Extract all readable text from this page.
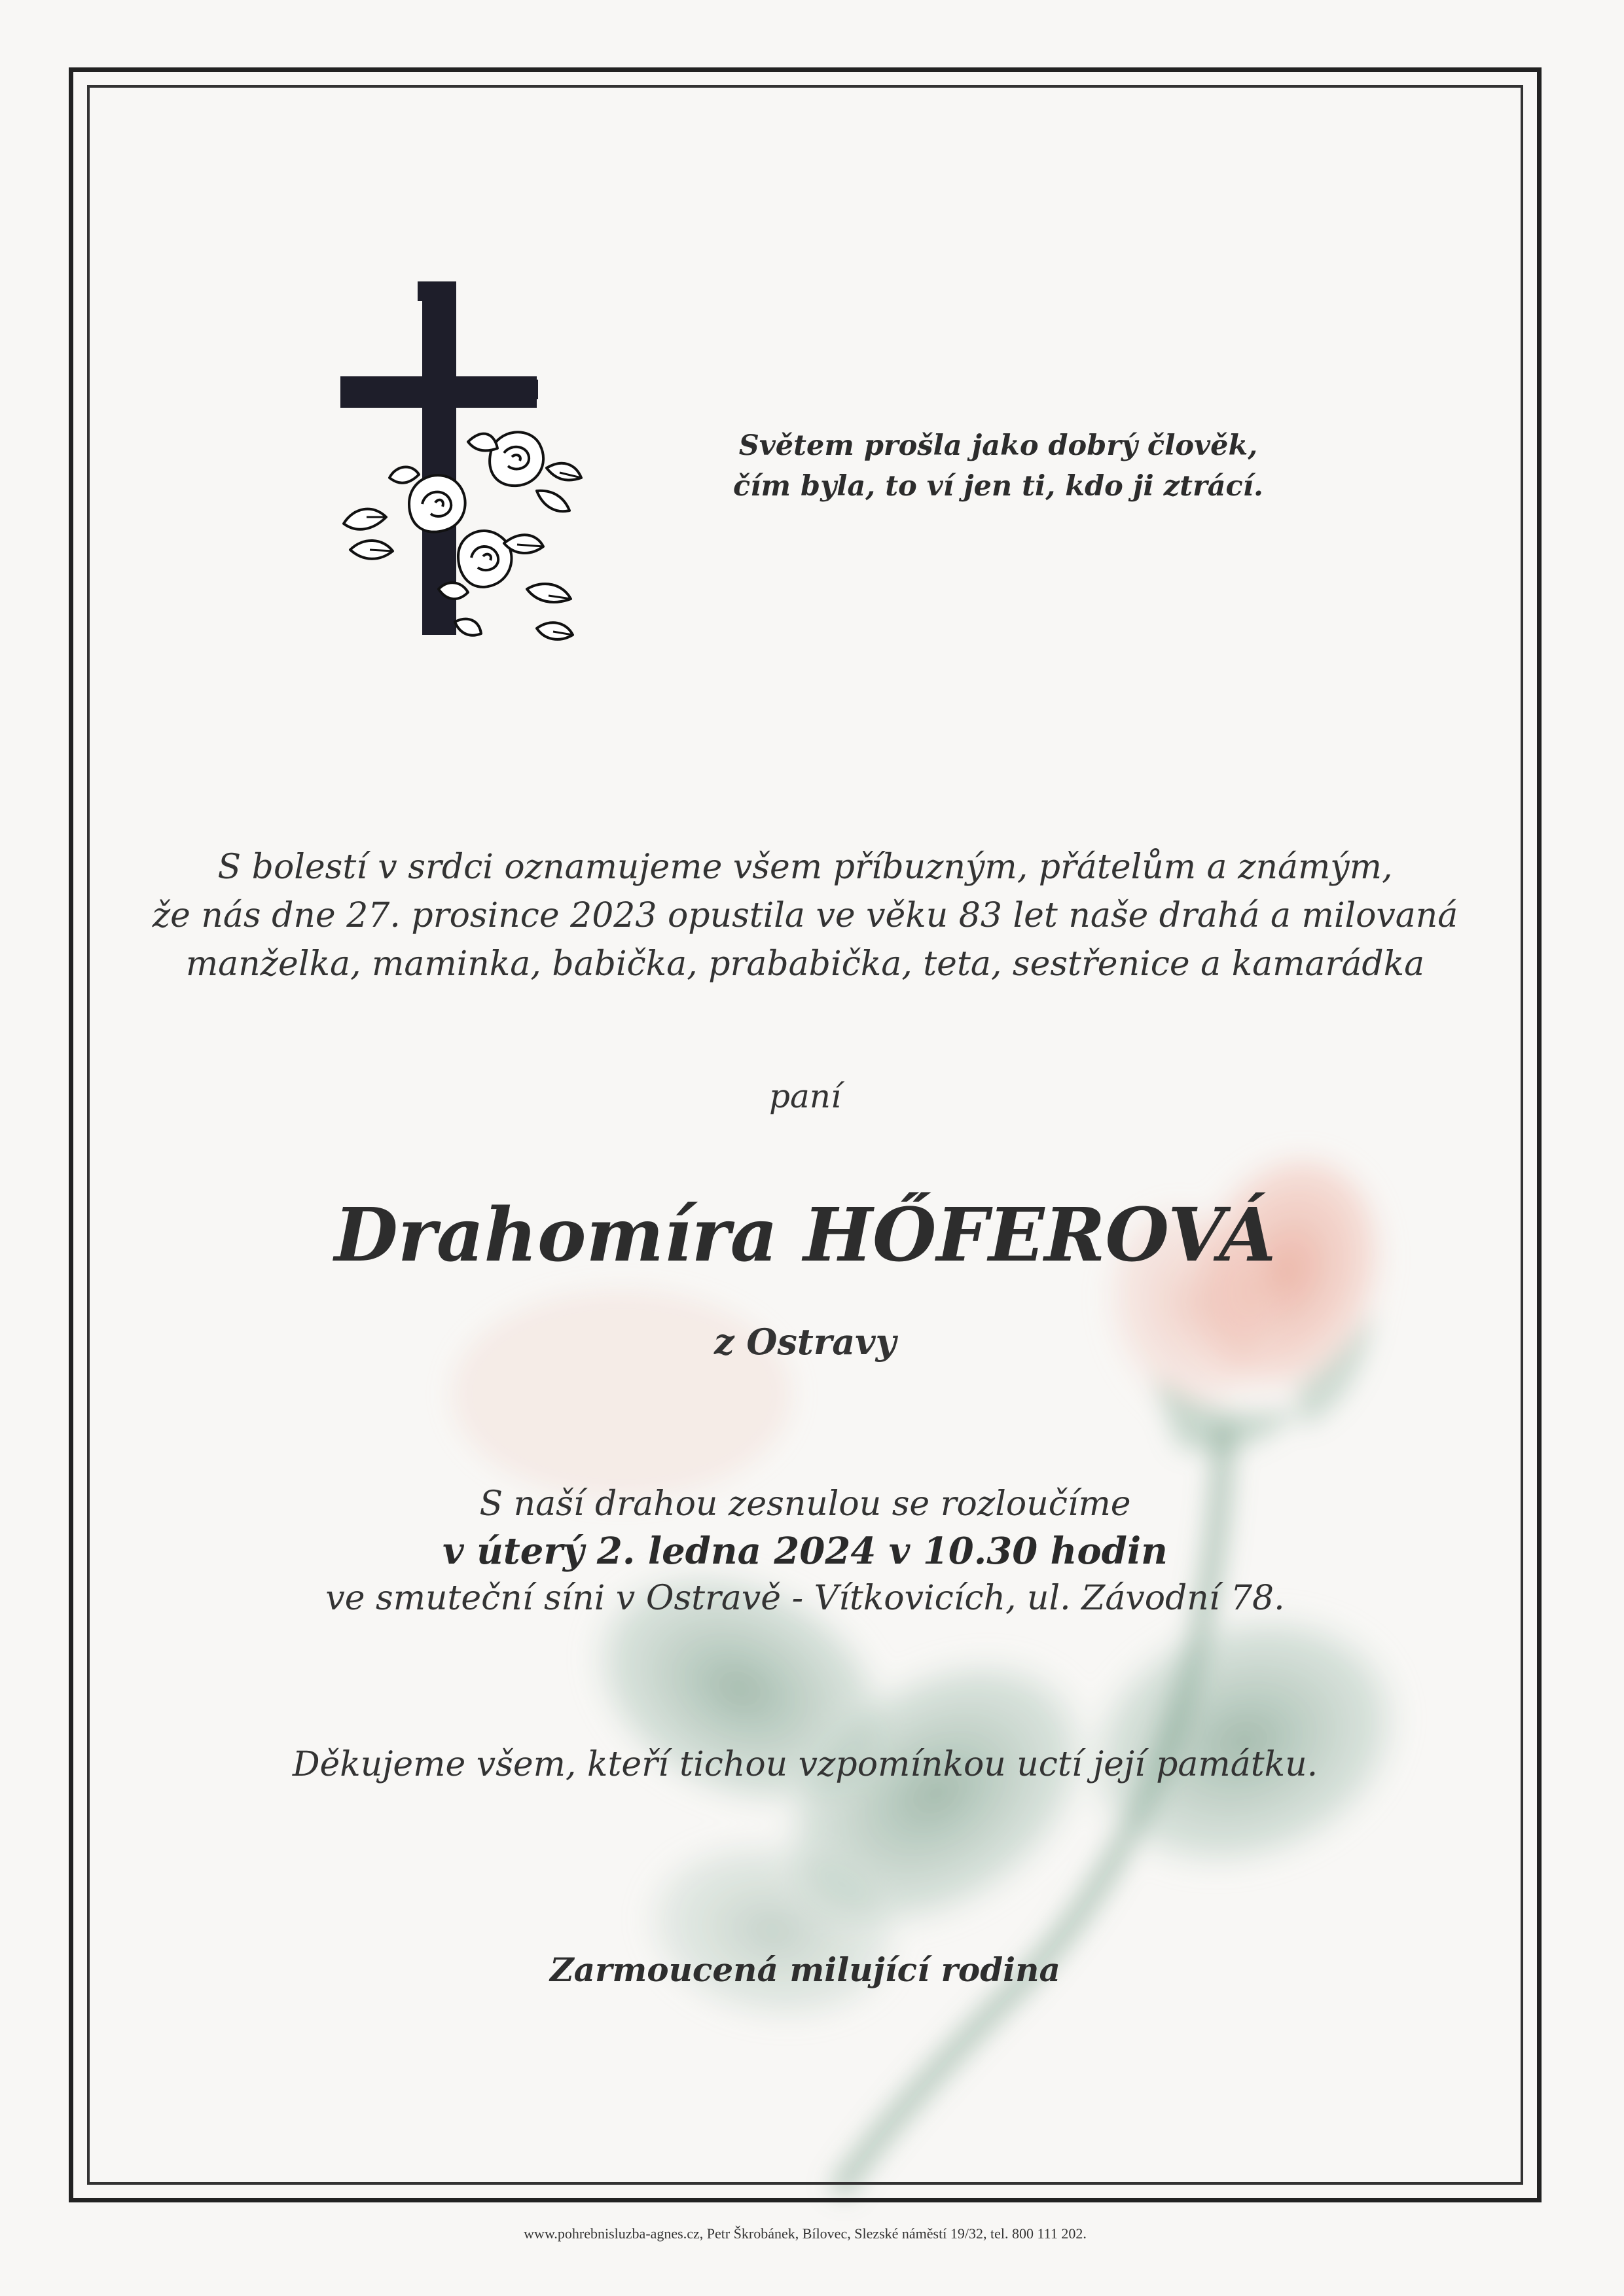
Světem prošla jako dobrý člověk,
čím byla, to ví jen ti, kdo ji ztrácí.
S bolestí v srdci oznamujeme všem příbuzným, přátelům a známým,
že nás dne 27. prosince 2023 opustila ve věku 83 let naše drahá a milovaná
manželka, maminka, babička, prababička, teta, sestřenice a kamarádka
paní
Drahomíra HŐFEROVÁ
z Ostravy
S naší drahou zesnulou se rozloučíme
v úterý 2. ledna 2024 v 10.30 hodin
ve smuteční síni v Ostravě - Vítkovicích, ul. Závodní 78.
Děkujeme všem, kteří tichou vzpomínkou uctí její památku.
Zarmoucená milující rodina
www.pohrebnisluzba-agnes.cz, Petr Škrobánek, Bílovec, Slezské náměstí 19/32, tel. 800 111 202.
